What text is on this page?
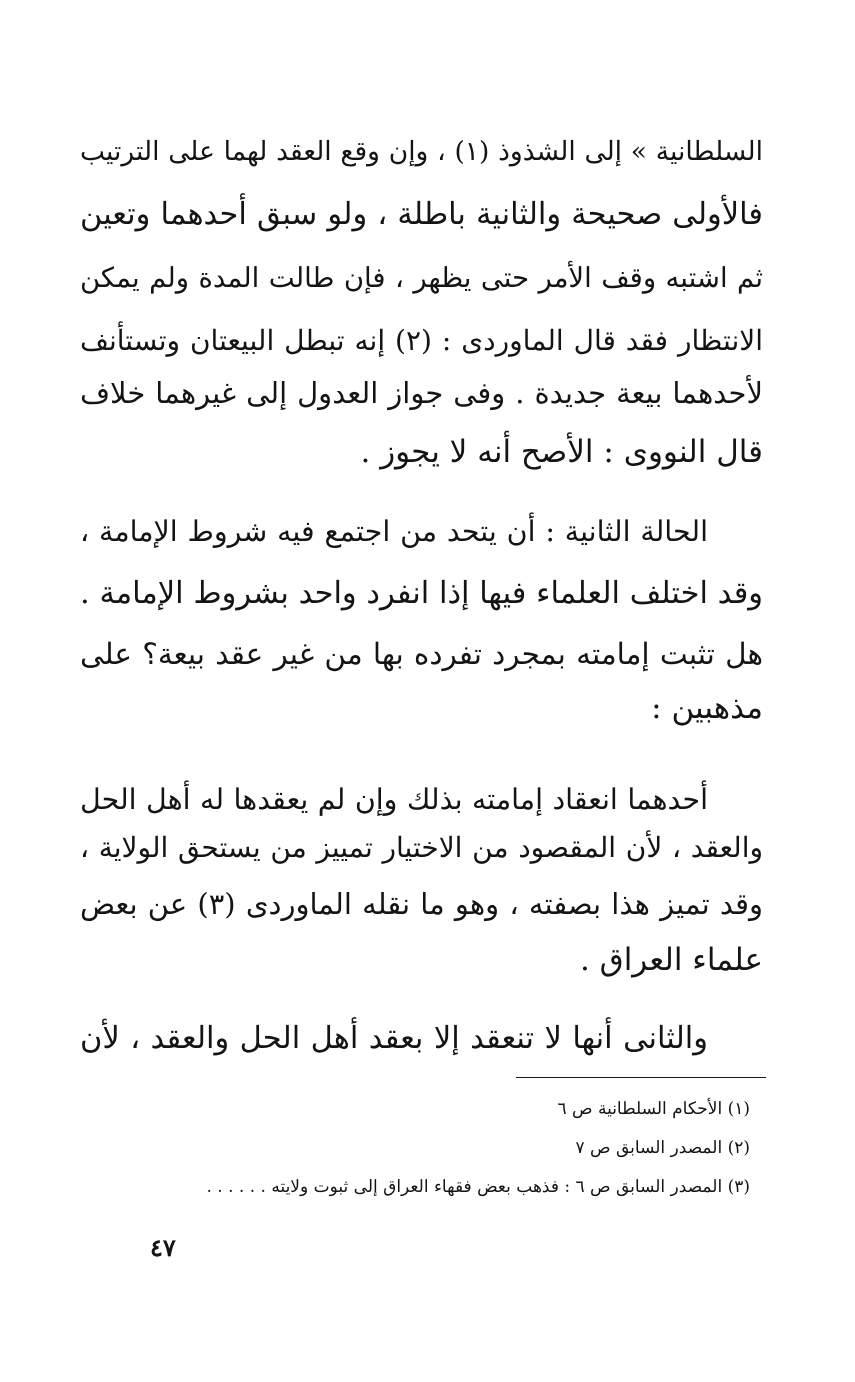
السلطانية » إلى الشذوذ (١) ، وإن وقع العقد لهما على الترتيب
فالأولى صحيحة والثانية باطلة ، ولو سبق أحدهما وتعين
ثم اشتبه وقف الأمر حتى يظهر ، فإن طالت المدة ولم يمكن
الانتظار فقد قال الماوردى : (٢) إنه تبطل البيعتان وتستأنف
لأحدهما بيعة جديدة . وفى جواز العدول إلى غيرهما خلاف
قال النووى : الأصح أنه لا يجوز .
الحالة الثانية : أن يتحد من اجتمع فيه شروط الإمامة ،
وقد اختلف العلماء فيها إذا انفرد واحد بشروط الإمامة .
هل تثبت إمامته بمجرد تفرده بها من غير عقد بيعة؟ على
مذهبين :
أحدهما انعقاد إمامته بذلك وإن لم يعقدها له أهل الحل
والعقد ، لأن المقصود من الاختيار تمييز من يستحق الولاية ،
وقد تميز هذا بصفته ، وهو ما نقله الماوردى (٣) عن بعض
علماء العراق .
والثانى أنها لا تنعقد إلا بعقد أهل الحل والعقد ، لأن
(١) الأحكام السلطانية ص ٦
(٢) المصدر السابق ص ٧
(٣) المصدر السابق ص ٦ : فذهب بعض فقهاء العراق إلى ثبوت ولايته . . . . . .
٤٧
